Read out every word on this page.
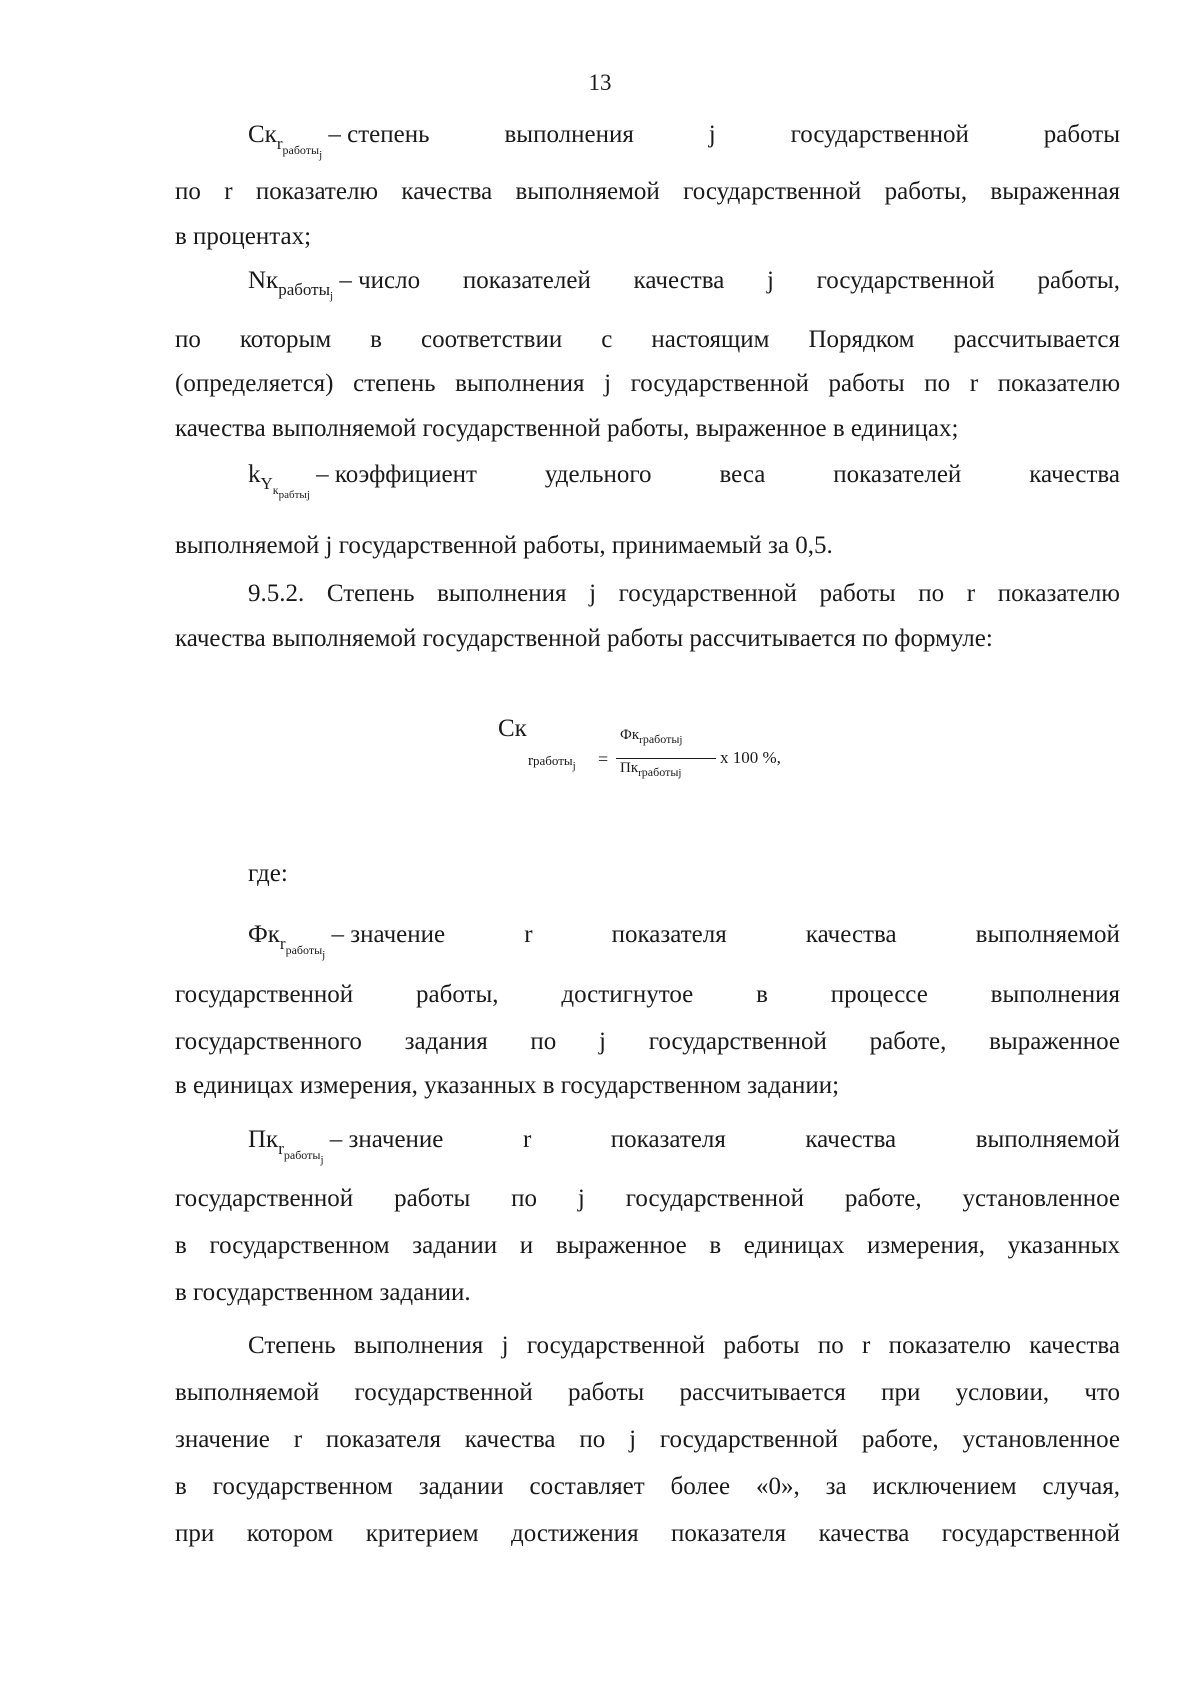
13
$Ск_{r_{работыj}}$ – степень	выполнения	j	государственной	работы
по r показателю качества выполняемой государственной работы, выраженная
в процентах;
$Nк_{работы_j}$ – число показателей качества j государственной работы,
по которым в соответствии с настоящим Порядком рассчитывается
(определяется) степень выполнения j государственной работы по r показателю
качества выполняемой государственной работы, выраженное в единицах;
$k_{Y_{крабтыj}}$ – коэффициент	удельного	веса	показателей	качества
выполняемой j государственной работы, принимаемый за 0,5.
9.5.2. Степень выполнения j государственной работы по r показателю
качества выполняемой государственной работы рассчитывается по формуле:
Ск
rработы$_j$ =
$Фк_{rработыj}$
$Пк_{rработыj}$
x 100 %,
где:
$Фк_{r_{работыj}}$ – значение	r	показателя	качества	выполняемой
государственной	работы,	достигнутое	в	процессе	выполнения
государственного задания по j государственной работе, выраженное
в единицах измерения, указанных в государственном задании;
$Пк_{r_{работыj}}$ – значение	r	показателя	качества	выполняемой
государственной работы по j государственной работе, установленное
в государственном задании и выраженное в единицах измерения, указанных
в государственном задании.
Степень выполнения j государственной работы по r показателю качества
выполняемой государственной работы рассчитывается при условии, что
значение r показателя качества по j государственной работе, установленное
в государственном задании составляет более «0», за исключением случая,
при котором критерием достижения показателя качества государственной
